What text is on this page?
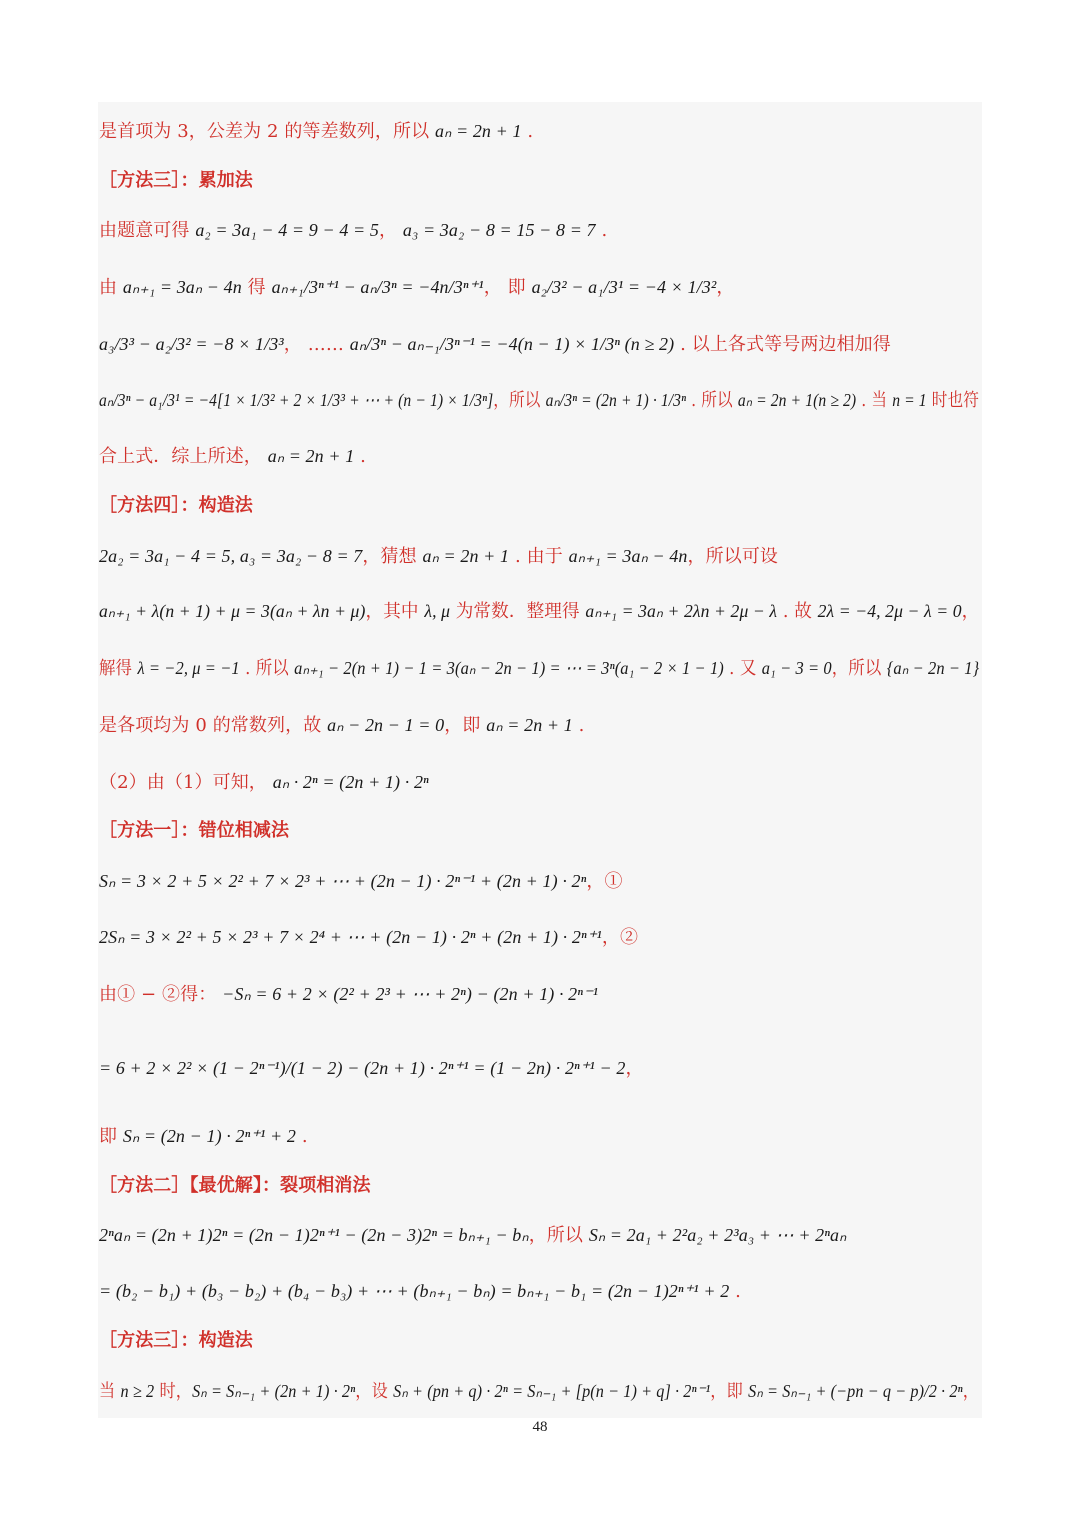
是首项为 3，公差为 2 的等差数列，所以 aₙ = 2n + 1 .
［方法三］：累加法
由题意可得 a₂ = 3a₁ − 4 = 9 − 4 = 5， a₃ = 3a₂ − 8 = 15 − 8 = 7 .
由 aₙ₊₁ = 3aₙ − 4n 得 aₙ₊₁/3ⁿ⁺¹ − aₙ/3ⁿ = −4n/3ⁿ⁺¹， 即 a₂/3² − a₁/3¹ = −4 × 1/3²，
a₃/3³ − a₂/3² = −8 × 1/3³， …… aₙ/3ⁿ − aₙ₋₁/3ⁿ⁻¹ = −4(n − 1) × 1/3ⁿ (n ≥ 2) . 以上各式等号两边相加得
aₙ/3ⁿ − a₁/3¹ = −4[1 × 1/3² + 2 × 1/3³ + ⋯ + (n − 1) × 1/3ⁿ]，所以 aₙ/3ⁿ = (2n + 1) · 1/3ⁿ . 所以 aₙ = 2n + 1(n ≥ 2) . 当 n = 1 时也符
合上式．综上所述， aₙ = 2n + 1 .
［方法四］：构造法
2a₂ = 3a₁ − 4 = 5, a₃ = 3a₂ − 8 = 7，猜想 aₙ = 2n + 1 . 由于 aₙ₊₁ = 3aₙ − 4n，所以可设
aₙ₊₁ + λ(n + 1) + μ = 3(aₙ + λn + μ)，其中 λ, μ 为常数．整理得 aₙ₊₁ = 3aₙ + 2λn + 2μ − λ . 故 2λ = −4, 2μ − λ = 0，
解得 λ = −2, μ = −1 . 所以 aₙ₊₁ − 2(n + 1) − 1 = 3(aₙ − 2n − 1) = ⋯ = 3ⁿ(a₁ − 2 × 1 − 1) . 又 a₁ − 3 = 0，所以 {aₙ − 2n − 1}
是各项均为 0 的常数列，故 aₙ − 2n − 1 = 0，即 aₙ = 2n + 1 .
（2）由（1）可知， aₙ · 2ⁿ = (2n + 1) · 2ⁿ
［方法一］：错位相减法
Sₙ = 3 × 2 + 5 × 2² + 7 × 2³ + ⋯ + (2n − 1) · 2ⁿ⁻¹ + (2n + 1) · 2ⁿ，①
2Sₙ = 3 × 2² + 5 × 2³ + 7 × 2⁴ + ⋯ + (2n − 1) · 2ⁿ + (2n + 1) · 2ⁿ⁺¹，②
由① − ②得： −Sₙ = 6 + 2 × (2² + 2³ + ⋯ + 2ⁿ) − (2n + 1) · 2ⁿ⁻¹
= 6 + 2 × 2² × (1 − 2ⁿ⁻¹)/(1 − 2) − (2n + 1) · 2ⁿ⁺¹ = (1 − 2n) · 2ⁿ⁺¹ − 2，
即 Sₙ = (2n − 1) · 2ⁿ⁺¹ + 2 .
［方法二］【最优解】：裂项相消法
2ⁿaₙ = (2n + 1)2ⁿ = (2n − 1)2ⁿ⁺¹ − (2n − 3)2ⁿ = bₙ₊₁ − bₙ，所以 Sₙ = 2a₁ + 2²a₂ + 2³a₃ + ⋯ + 2ⁿaₙ
= (b₂ − b₁) + (b₃ − b₂) + (b₄ − b₃) + ⋯ + (bₙ₊₁ − bₙ) = bₙ₊₁ − b₁ = (2n − 1)2ⁿ⁺¹ + 2 .
［方法三］：构造法
当 n ≥ 2 时，Sₙ = Sₙ₋₁ + (2n + 1) · 2ⁿ，设 Sₙ + (pn + q) · 2ⁿ = Sₙ₋₁ + [p(n − 1) + q] · 2ⁿ⁻¹，即 Sₙ = Sₙ₋₁ + (−pn − q − p)/2 · 2ⁿ，
48
